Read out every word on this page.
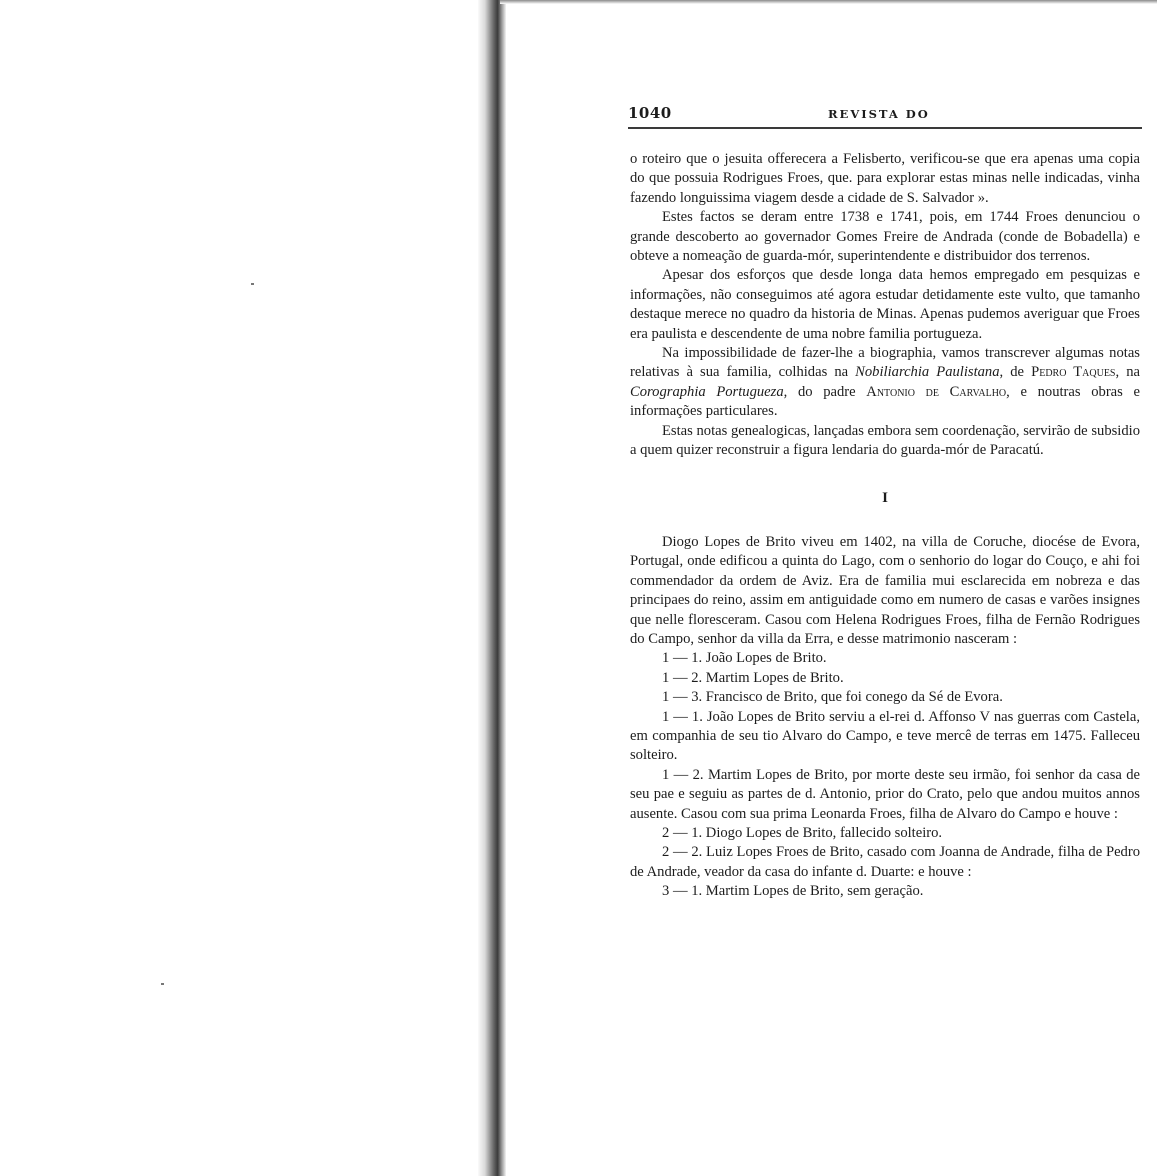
1040	REVISTA DO

o roteiro que o jesuita offerecera a Felisberto, verificou-se que era apenas uma copia do que possuia Rodrigues Froes, que. para explorar estas minas nelle indicadas, vinha fazendo longuissima viagem desde a cidade de S. Salvador ».

Estes factos se deram entre 1738 e 1741, pois, em 1744 Froes denunciou o grande descoberto ao governador Gomes Freire de Andrada (conde de Bobadella) e obteve a nomeação de guarda-mór, superintendente e distribuidor dos terrenos.

Apesar dos esforços que desde longa data hemos empregado em pesquizas e informações, não conseguimos até agora estudar detidamente este vulto, que tamanho destaque merece no quadro da historia de Minas. Apenas pudemos averiguar que Froes era paulista e descendente de uma nobre familia portugueza.

Na impossibilidade de fazer-lhe a biographia, vamos transcrever algumas notas relativas à sua familia, colhidas na Nobiliarchia Paulistana, de Pedro Taques, na Corographia Portugueza, do padre Antonio de Carvalho, e noutras obras e informações particulares.

Estas notas genealogicas, lançadas embora sem coordenação, servirão de subsidio a quem quizer reconstruir a figura lendaria do guarda-mór de Paracatú.

I

Diogo Lopes de Brito viveu em 1402, na villa de Coruche, diocése de Evora, Portugal, onde edificou a quinta do Lago, com o senhorio do logar do Couço, e ahi foi commendador da ordem de Aviz. Era de familia mui esclarecida em nobreza e das principaes do reino, assim em antiguidade como em numero de casas e varões insignes que nelle floresceram. Casou com Helena Rodrigues Froes, filha de Fernão Rodrigues do Campo, senhor da villa da Erra, e desse matrimonio nasceram :

1 — 1. João Lopes de Brito.

1 — 2. Martim Lopes de Brito.

1 — 3. Francisco de Brito, que foi conego da Sé de Evora.

1 — 1. João Lopes de Brito serviu a el-rei d. Affonso V nas guerras com Castela, em companhia de seu tio Alvaro do Campo, e teve mercê de terras em 1475. Falleceu solteiro.

1 — 2. Martim Lopes de Brito, por morte deste seu irmão, foi senhor da casa de seu pae e seguiu as partes de d. Antonio, prior do Crato, pelo que andou muitos annos ausente. Casou com sua prima Leonarda Froes, filha de Alvaro do Campo e houve :

2 — 1. Diogo Lopes de Brito, fallecido solteiro.

2 — 2. Luiz Lopes Froes de Brito, casado com Joanna de Andrade, filha de Pedro de Andrade, veador da casa do infante d. Duarte: e houve :

3 — 1. Martim Lopes de Brito, sem geração.
